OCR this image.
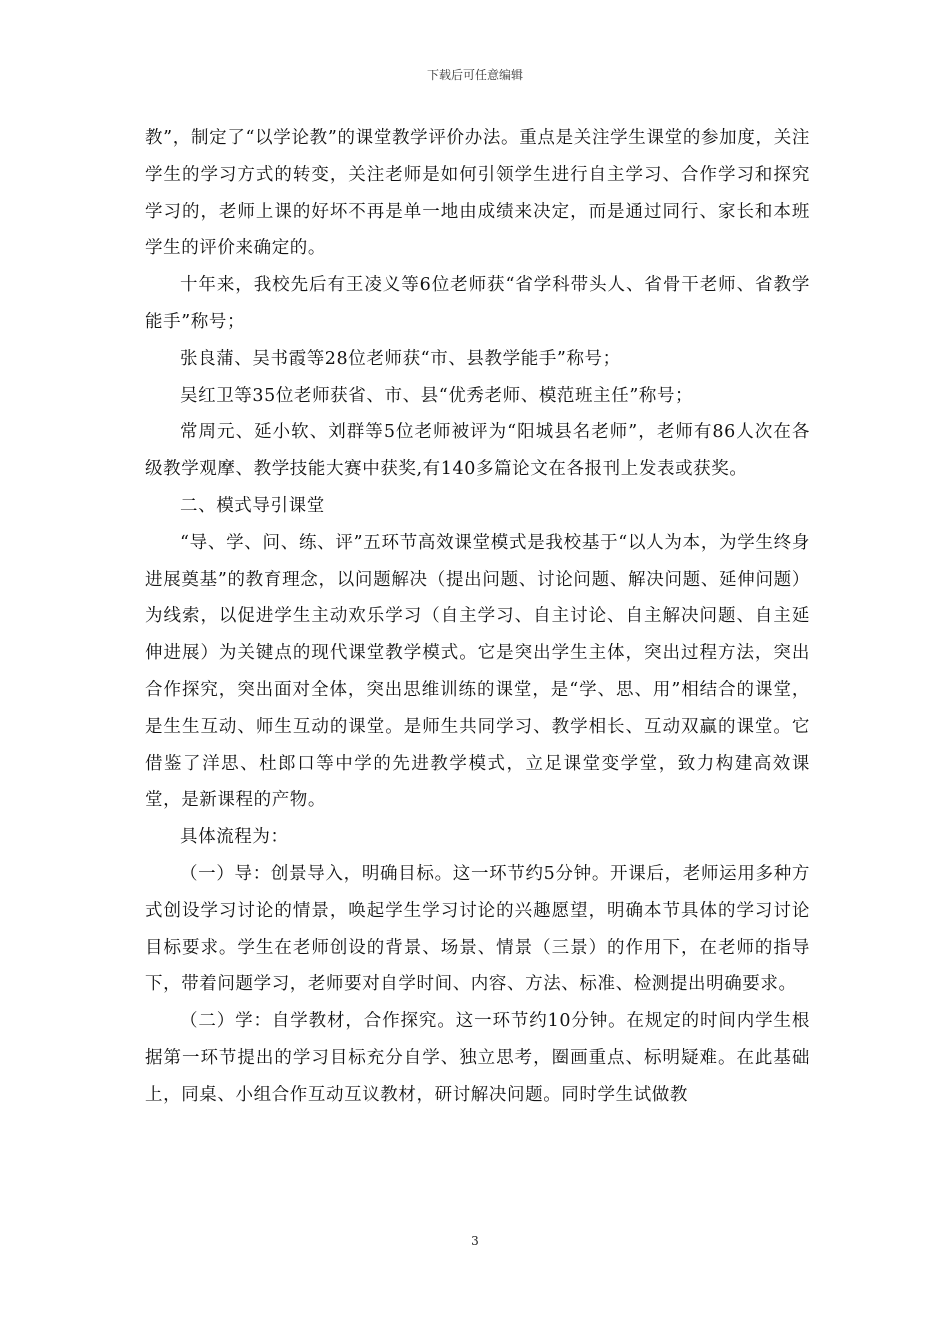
下载后可任意编辑

教”，制定了“以学论教”的课堂教学评价办法。重点是关注学生课堂的参加度，关注学生的学习方式的转变，关注老师是如何引领学生进行自主学习、合作学习和探究学习的，老师上课的好坏不再是单一地由成绩来决定，而是通过同行、家长和本班学生的评价来确定的。

十年来，我校先后有王凌义等6位老师获“省学科带头人、省骨干老师、省教学能手”称号；

张良蒲、吴书霞等28位老师获“市、县教学能手”称号；

吴红卫等35位老师获省、市、县“优秀老师、模范班主任”称号；

常周元、延小软、刘群等5位老师被评为“阳城县名老师”，老师有86人次在各级教学观摩、教学技能大赛中获奖,有140多篇论文在各报刊上发表或获奖。

二、模式导引课堂

“导、学、问、练、评”五环节高效课堂模式是我校基于“以人为本，为学生终身进展奠基”的教育理念，以问题解决（提出问题、讨论问题、解决问题、延伸问题）为线索，以促进学生主动欢乐学习（自主学习、自主讨论、自主解决问题、自主延伸进展）为关键点的现代课堂教学模式。它是突出学生主体，突出过程方法，突出合作探究，突出面对全体，突出思维训练的课堂，是“学、思、用”相结合的课堂，是生生互动、师生互动的课堂。是师生共同学习、教学相长、互动双赢的课堂。它借鉴了洋思、杜郎口等中学的先进教学模式，立足课堂变学堂，致力构建高效课堂，是新课程的产物。

具体流程为：

（一）导：创景导入，明确目标。这一环节约5分钟。开课后，老师运用多种方式创设学习讨论的情景，唤起学生学习讨论的兴趣愿望，明确本节具体的学习讨论目标要求。学生在老师创设的背景、场景、情景（三景）的作用下，在老师的指导下，带着问题学习，老师要对自学时间、内容、方法、标准、检测提出明确要求。

（二）学：自学教材，合作探究。这一环节约10分钟。在规定的时间内学生根据第一环节提出的学习目标充分自学、独立思考，圈画重点、标明疑难。在此基础上，同桌、小组合作互动互议教材，研讨解决问题。同时学生试做教

3
